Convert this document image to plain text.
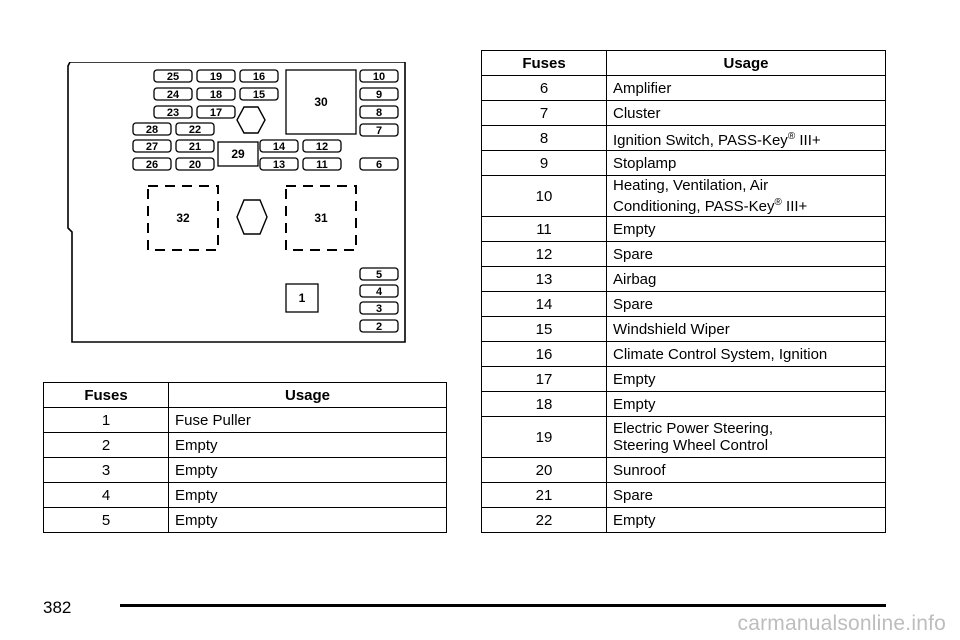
25	19	16
24	18	15
23	17
28	22
27	21
26	20
29	14	12
13	11
30
10
9
8
7
6
32	31
5
4
3
2
1
Fuses	Usage
1	Fuse Puller
2	Empty
3	Empty
4	Empty
5	Empty
Fuses	Usage
6	Amplifier
7	Cluster
8	Ignition Switch, PASS-Key® III+
9	Stoplamp
10	Heating, Ventilation, Air
Conditioning, PASS-Key® III+
11	Empty
12	Spare
13	Airbag
14	Spare
15	Windshield Wiper
16	Climate Control System, Ignition
17	Empty
18	Empty
19	Electric Power Steering,
Steering Wheel Control
20	Sunroof
21	Spare
22	Empty
382
carmanualsonline.info
